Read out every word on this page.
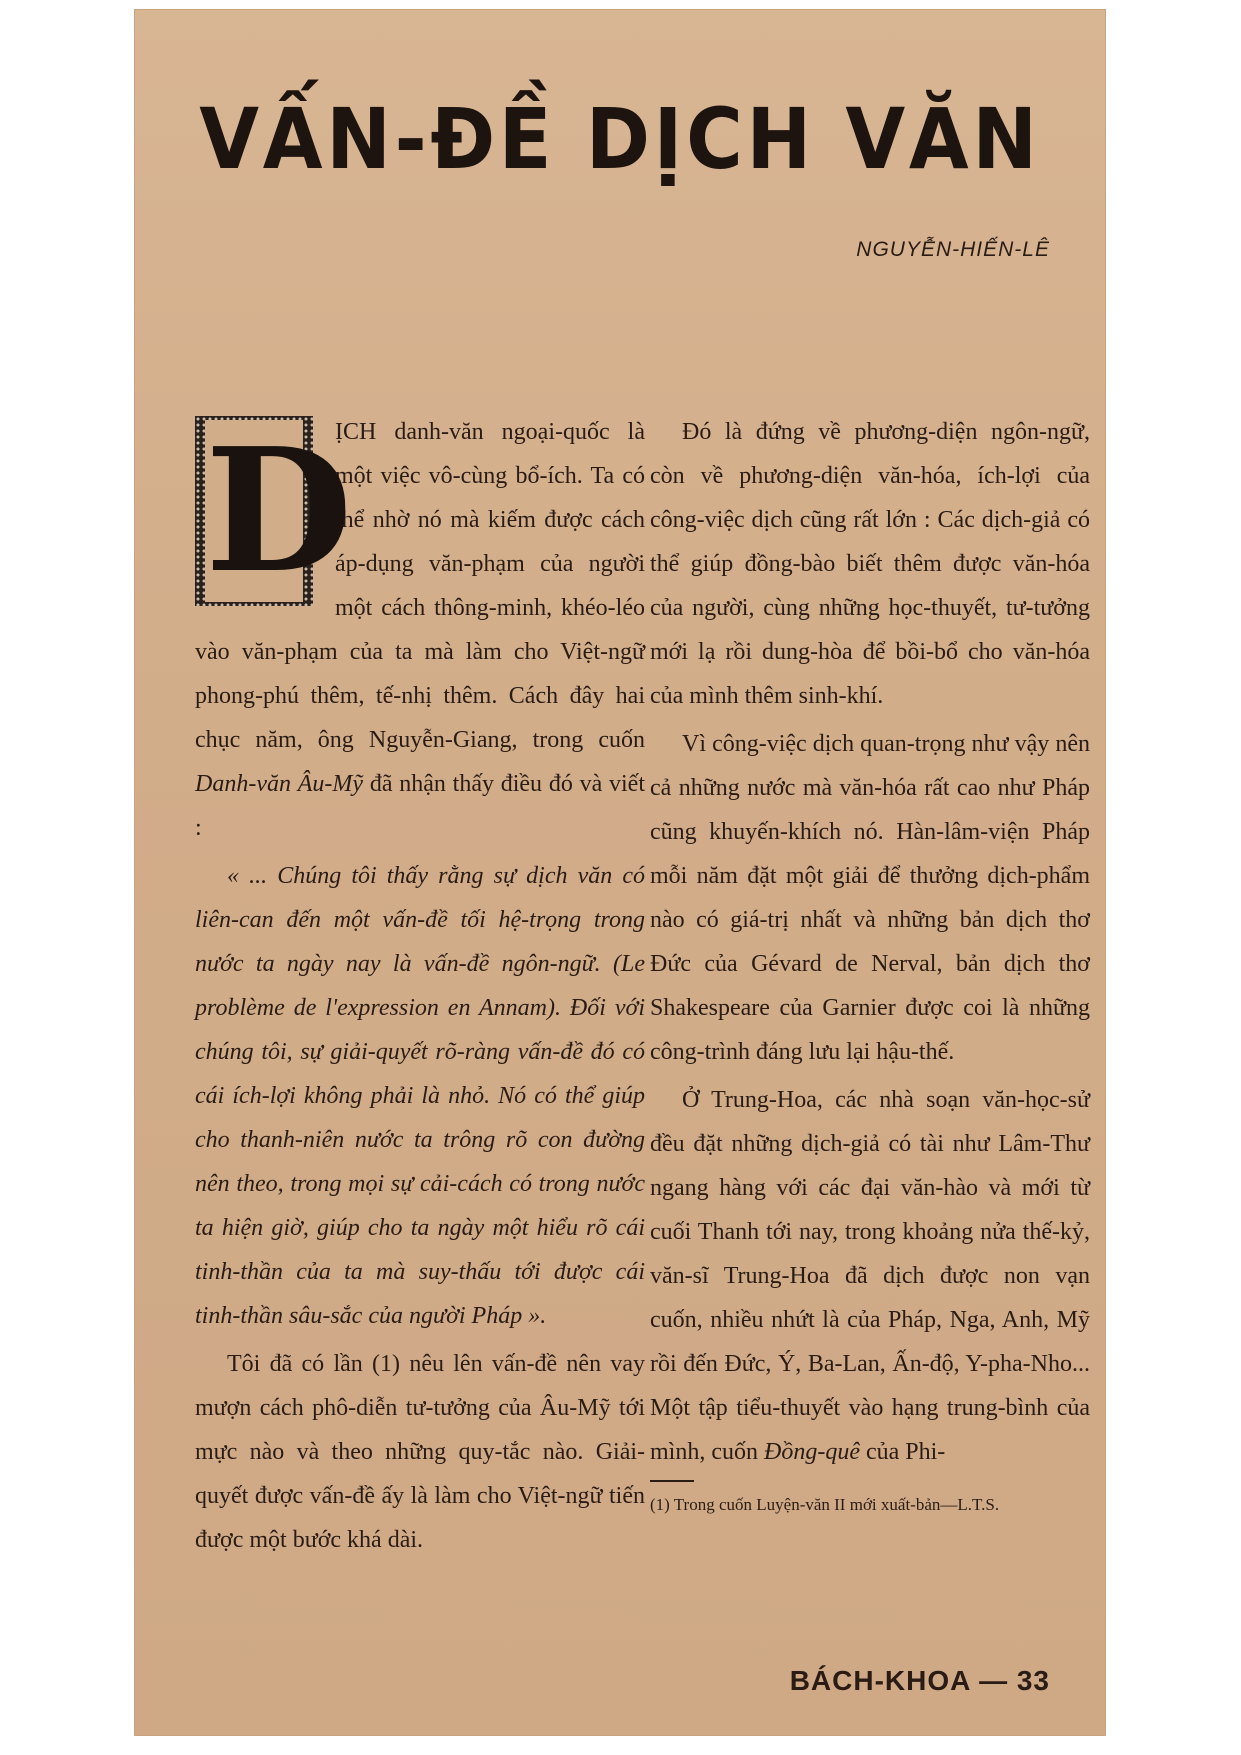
VẤN-ĐỀ DỊCH VĂN

NGUYỄN-HIẾN-LÊ

D
ỊCH danh-văn ngoại-quốc là một việc vô-cùng bổ-ích. Ta có thể nhờ nó mà kiếm được cách áp-dụng văn-phạm của người một cách thông-minh, khéo-léo vào văn-phạm của ta mà làm cho Việt-ngữ phong-phú thêm, tế-nhị thêm. Cách đây hai chục năm, ông Nguyễn-Giang, trong cuốn Danh-văn Âu-Mỹ đã nhận thấy điều đó và viết :

« ... Chúng tôi thấy rằng sự dịch văn có liên-can đến một vấn-đề tối hệ-trọng trong nước ta ngày nay là vấn-đề ngôn-ngữ. (Le problème de l'expression en Annam). Đối với chúng tôi, sự giải-quyết rõ-ràng vấn-đề đó có cái ích-lợi không phải là nhỏ. Nó có thể giúp cho thanh-niên nước ta trông rõ con đường nên theo, trong mọi sự cải-cách có trong nước ta hiện giờ, giúp cho ta ngày một hiểu rõ cái tinh-thần của ta mà suy-thấu tới được cái tinh-thần sâu-sắc của người Pháp ».

Tôi đã có lần (1) nêu lên vấn-đề nên vay mượn cách phô-diễn tư-tưởng của Âu-Mỹ tới mực nào và theo những quy-tắc nào. Giải-quyết được vấn-đề ấy là làm cho Việt-ngữ tiến được một bước khá dài.

Đó là đứng về phương-diện ngôn-ngữ, còn về phương-diện văn-hóa, ích-lợi của công-việc dịch cũng rất lớn : Các dịch-giả có thể giúp đồng-bào biết thêm được văn-hóa của người, cùng những học-thuyết, tư-tưởng mới lạ rồi dung-hòa để bồi-bổ cho văn-hóa của mình thêm sinh-khí.

Vì công-việc dịch quan-trọng như vậy nên cả những nước mà văn-hóa rất cao như Pháp cũng khuyến-khích nó. Hàn-lâm-viện Pháp mỗi năm đặt một giải để thưởng dịch-phẩm nào có giá-trị nhất và những bản dịch thơ Đức của Gévard de Nerval, bản dịch thơ Shakespeare của Garnier được coi là những công-trình đáng lưu lại hậu-thế.

Ở Trung-Hoa, các nhà soạn văn-học-sử đều đặt những dịch-giả có tài như Lâm-Thư ngang hàng với các đại văn-hào và mới từ cuối Thanh tới nay, trong khoảng nửa thế-kỷ, văn-sĩ Trung-Hoa đã dịch được non vạn cuốn, nhiều nhứt là của Pháp, Nga, Anh, Mỹ rồi đến Đức, Ý, Ba-Lan, Ấn-độ, Y-pha-Nho... Một tập tiểu-thuyết vào hạng trung-bình của mình, cuốn Đồng-quê của Phi-

(1) Trong cuốn Luyện-văn II mới xuất-bản—L.T.S.

BÁCH-KHOA — 33
